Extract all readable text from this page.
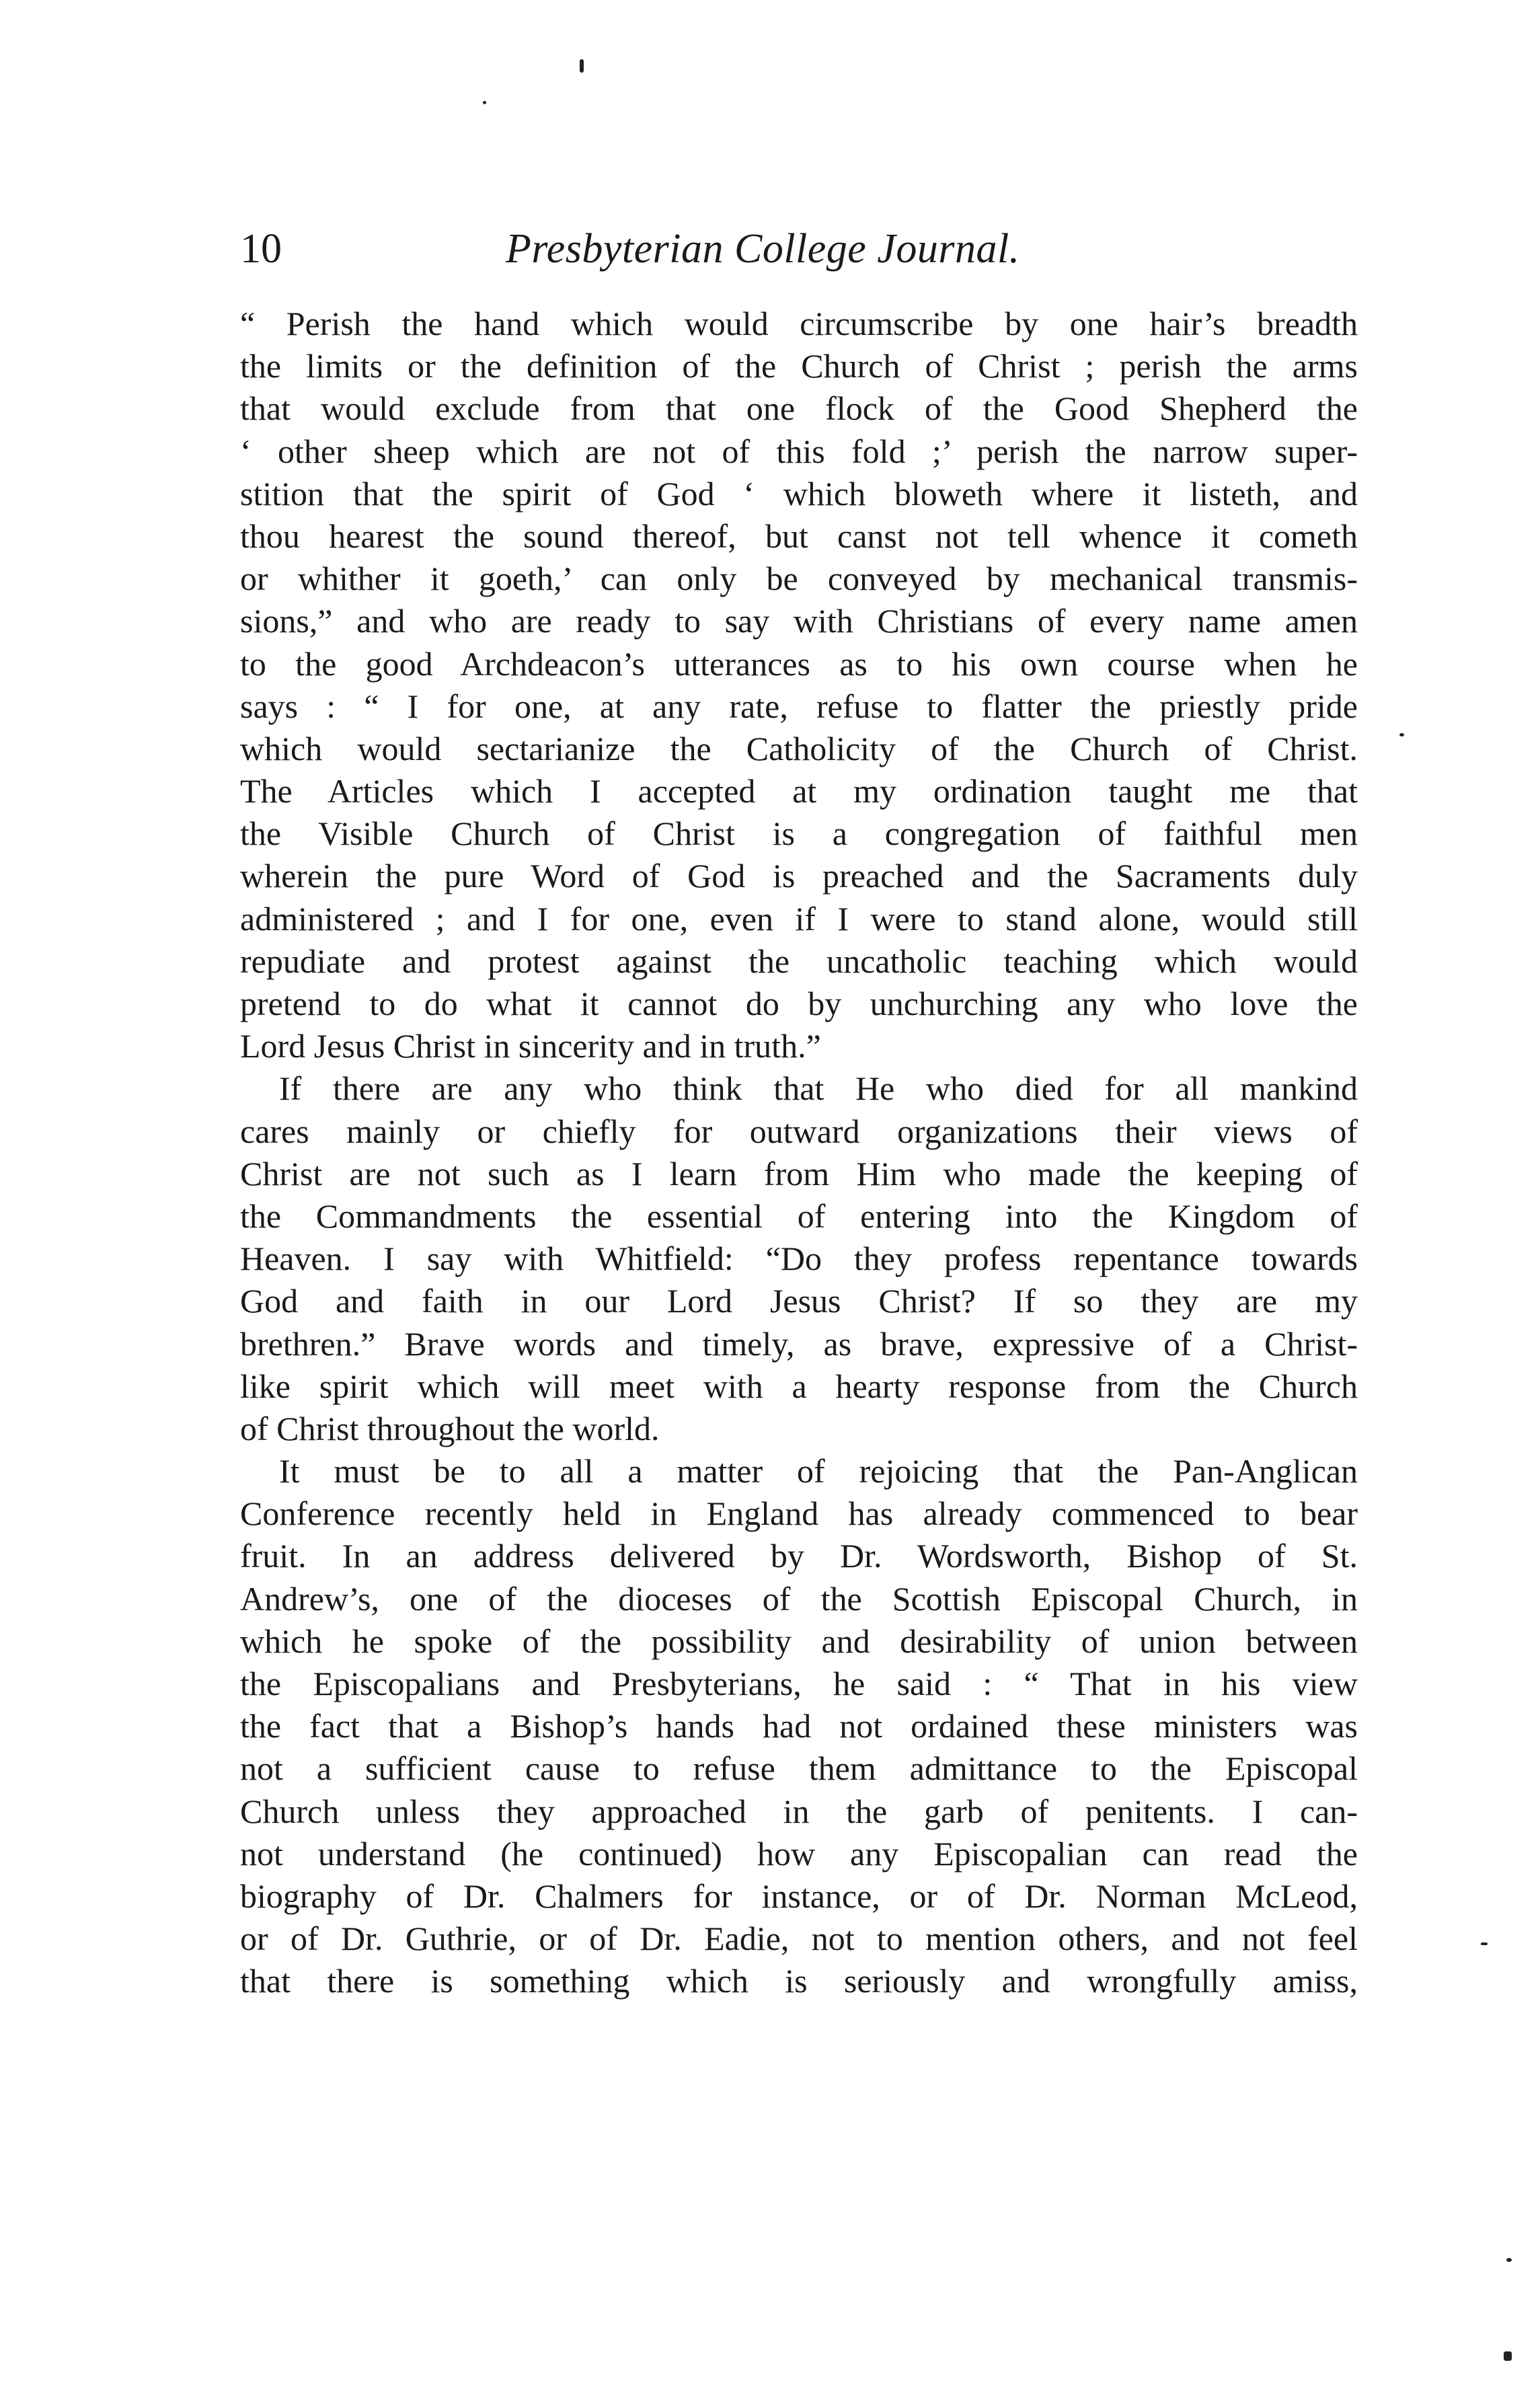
10	Presbyterian College Journal.
“ Perish the hand which would circumscribe by one hair’s breadth
the limits or the definition of the Church of Christ ; perish the arms
that would exclude from that one flock of the Good Shepherd the
‘ other sheep which are not of this fold ;’ perish the narrow super-
stition that the spirit of God ‘ which bloweth where it listeth, and
thou hearest the sound thereof, but canst not tell whence it cometh
or whither it goeth,’ can only be conveyed by mechanical transmis-
sions,” and who are ready to say with Christians of every name amen
to the good Archdeacon’s utterances as to his own course when he
says : “ I for one, at any rate, refuse to flatter the priestly pride
which would sectarianize the Catholicity of the Church of Christ.
The Articles which I accepted at my ordination taught me that
the Visible Church of Christ is a congregation of faithful men
wherein the pure Word of God is preached and the Sacraments duly
administered ; and I for one, even if I were to stand alone, would still
repudiate and protest against the uncatholic teaching which would
pretend to do what it cannot do by unchurching any who love the
Lord Jesus Christ in sincerity and in truth.”
If there are any who think that He who died for all mankind
cares mainly or chiefly for outward organizations their views of
Christ are not such as I learn from Him who made the keeping of
the Commandments the essential of entering into the Kingdom of
Heaven. I say with Whitfield: “Do they profess repentance towards
God and faith in our Lord Jesus Christ? If so they are my
brethren.” Brave words and timely, as brave, expressive of a Christ-
like spirit which will meet with a hearty response from the Church
of Christ throughout the world.
It must be to all a matter of rejoicing that the Pan-Anglican
Conference recently held in England has already commenced to bear
fruit. In an address delivered by Dr. Wordsworth, Bishop of St.
Andrew’s, one of the dioceses of the Scottish Episcopal Church, in
which he spoke of the possibility and desirability of union between
the Episcopalians and Presbyterians, he said : “ That in his view
the fact that a Bishop’s hands had not ordained these ministers was
not a sufficient cause to refuse them admittance to the Episcopal
Church unless they approached in the garb of penitents. I can-
not understand (he continued) how any Episcopalian can read the
biography of Dr. Chalmers for instance, or of Dr. Norman McLeod,
or of Dr. Guthrie, or of Dr. Eadie, not to mention others, and not feel
that there is something which is seriously and wrongfully amiss,
